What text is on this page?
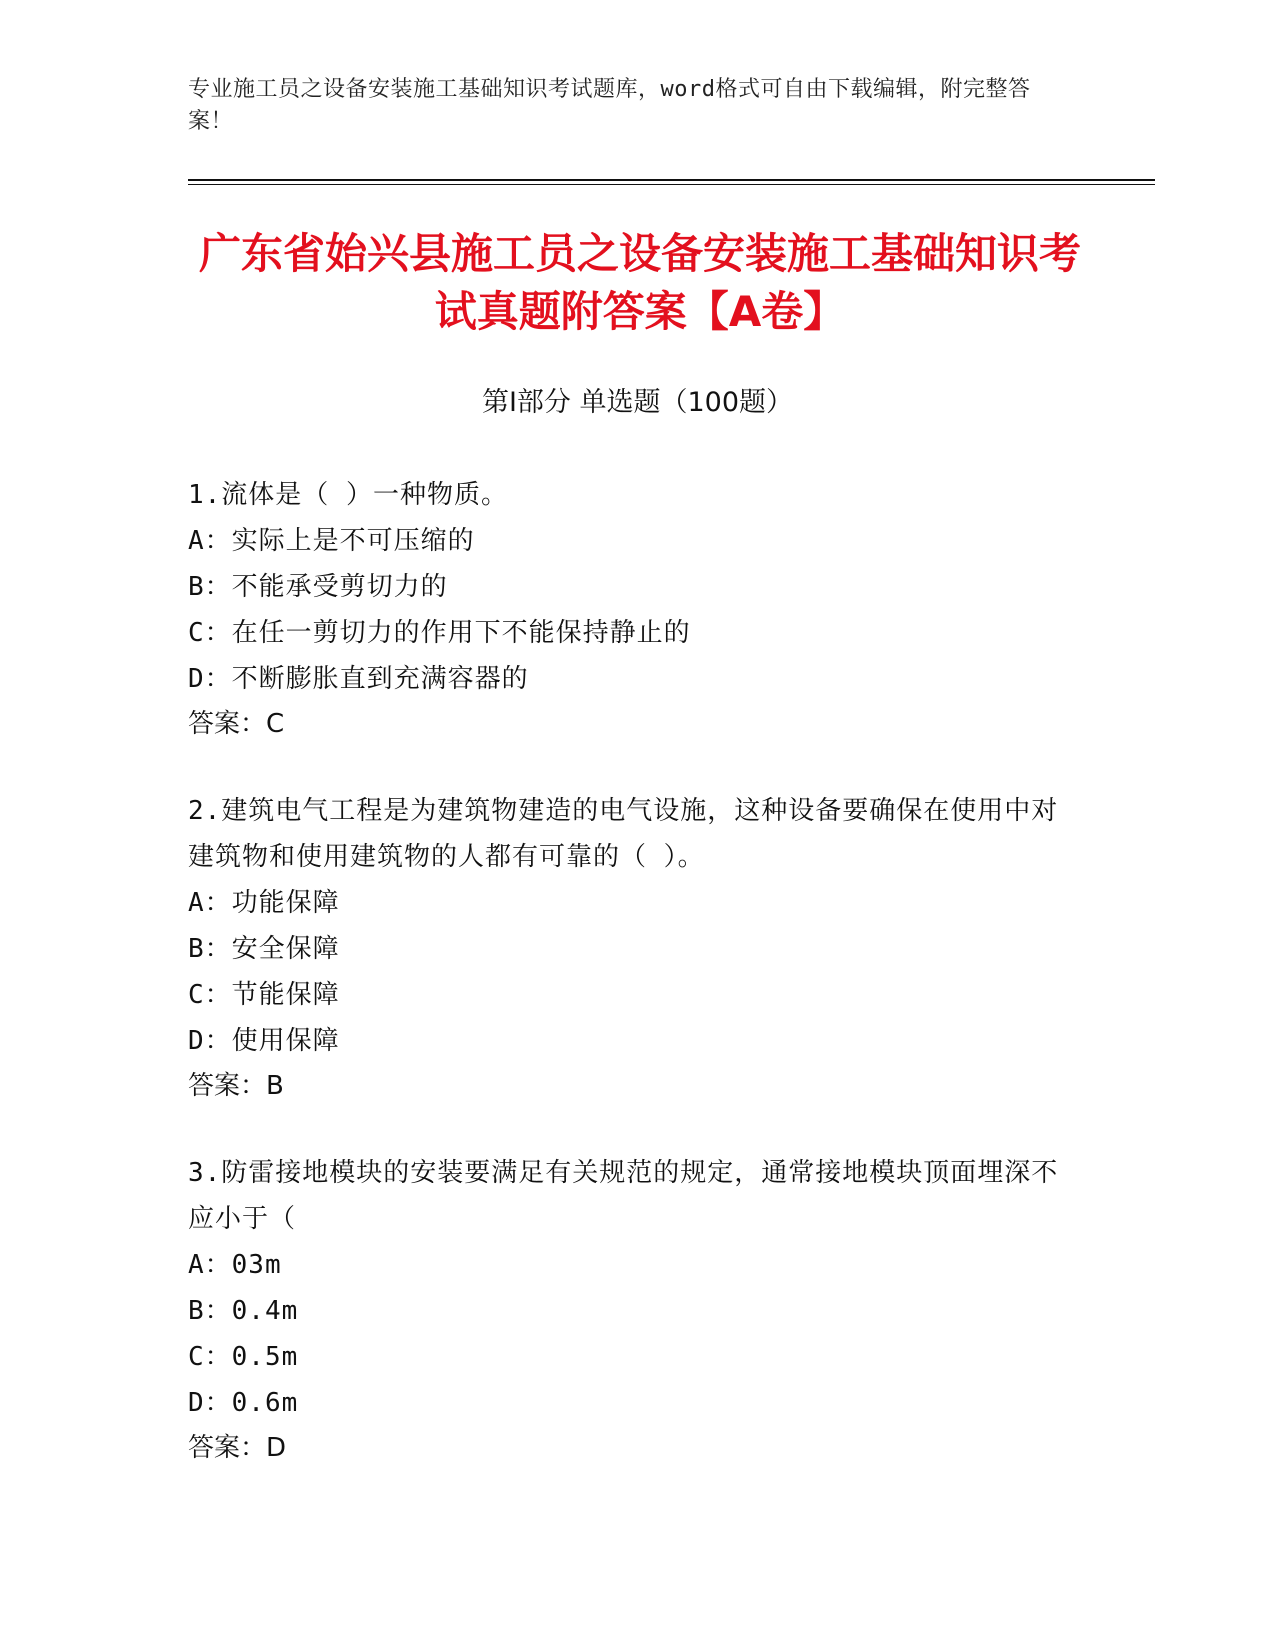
专业施工员之设备安装施工基础知识考试题库，word格式可自由下载编辑，附完整答案！
广东省始兴县施工员之设备安装施工基础知识考试真题附答案【A卷】
第I部分 单选题（100题）

1.流体是（ ）一种物质。

A：实际上是不可压缩的

B：不能承受剪切力的

C：在任一剪切力的作用下不能保持静止的

D：不断膨胀直到充满容器的

答案：C

2.建筑电气工程是为建筑物建造的电气设施，这种设备要确保在使用中对建筑物和使用建筑物的人都有可靠的（ ）。

A：功能保障

B：安全保障

C：节能保障

D：使用保障

答案：B

3.防雷接地模块的安装要满足有关规范的规定，通常接地模块顶面埋深不应小于（

A：03m

B：0.4m

C：0.5m

D：0.6m

答案：D
